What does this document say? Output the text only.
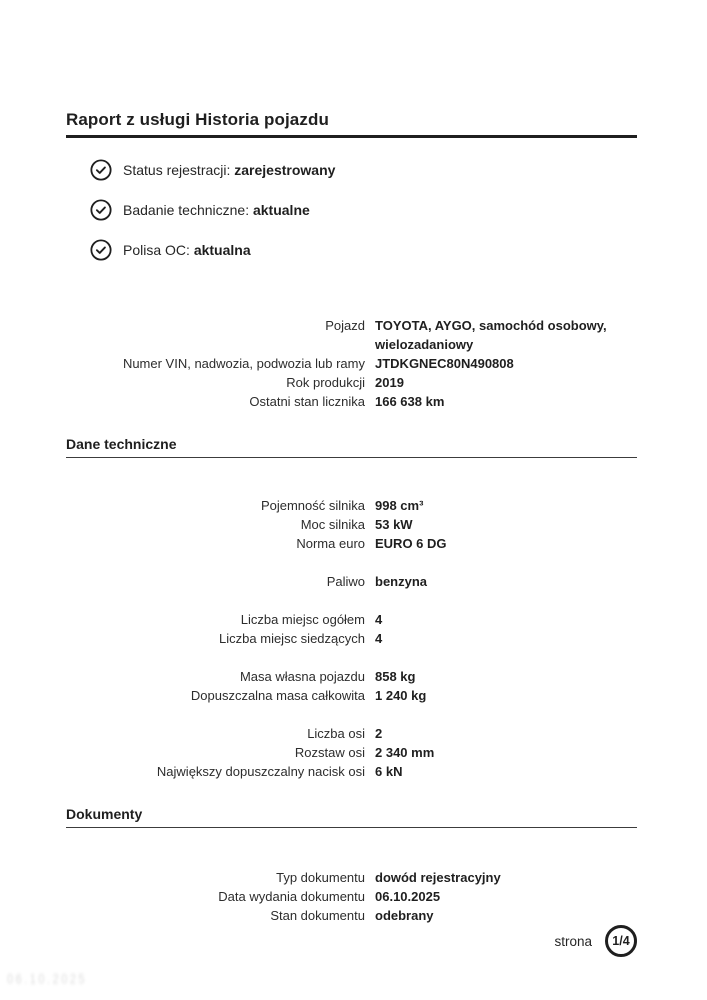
Raport z usługi Historia pojazdu
Status rejestracji: zarejestrowany
Badanie techniczne: aktualne
Polisa OC: aktualna
Pojazd TOYOTA, AYGO, samochód osobowy, wielozadaniowy
Numer VIN, nadwozia, podwozia lub ramy JTDKGNEC80N490808
Rok produkcji 2019
Ostatni stan licznika 166 638 km
Dane techniczne
Pojemność silnika 998 cm³
Moc silnika 53 kW
Norma euro EURO 6 DG
Paliwo benzyna
Liczba miejsc ogółem 4
Liczba miejsc siedzących 4
Masa własna pojazdu 858 kg
Dopuszczalna masa całkowita 1 240 kg
Liczba osi 2
Rozstaw osi 2 340 mm
Największy dopuszczalny nacisk osi 6 kN
Dokumenty
Typ dokumentu dowód rejestracyjny
Data wydania dokumentu 06.10.2025
Stan dokumentu odebrany
strona	1/4
06.10.2025
